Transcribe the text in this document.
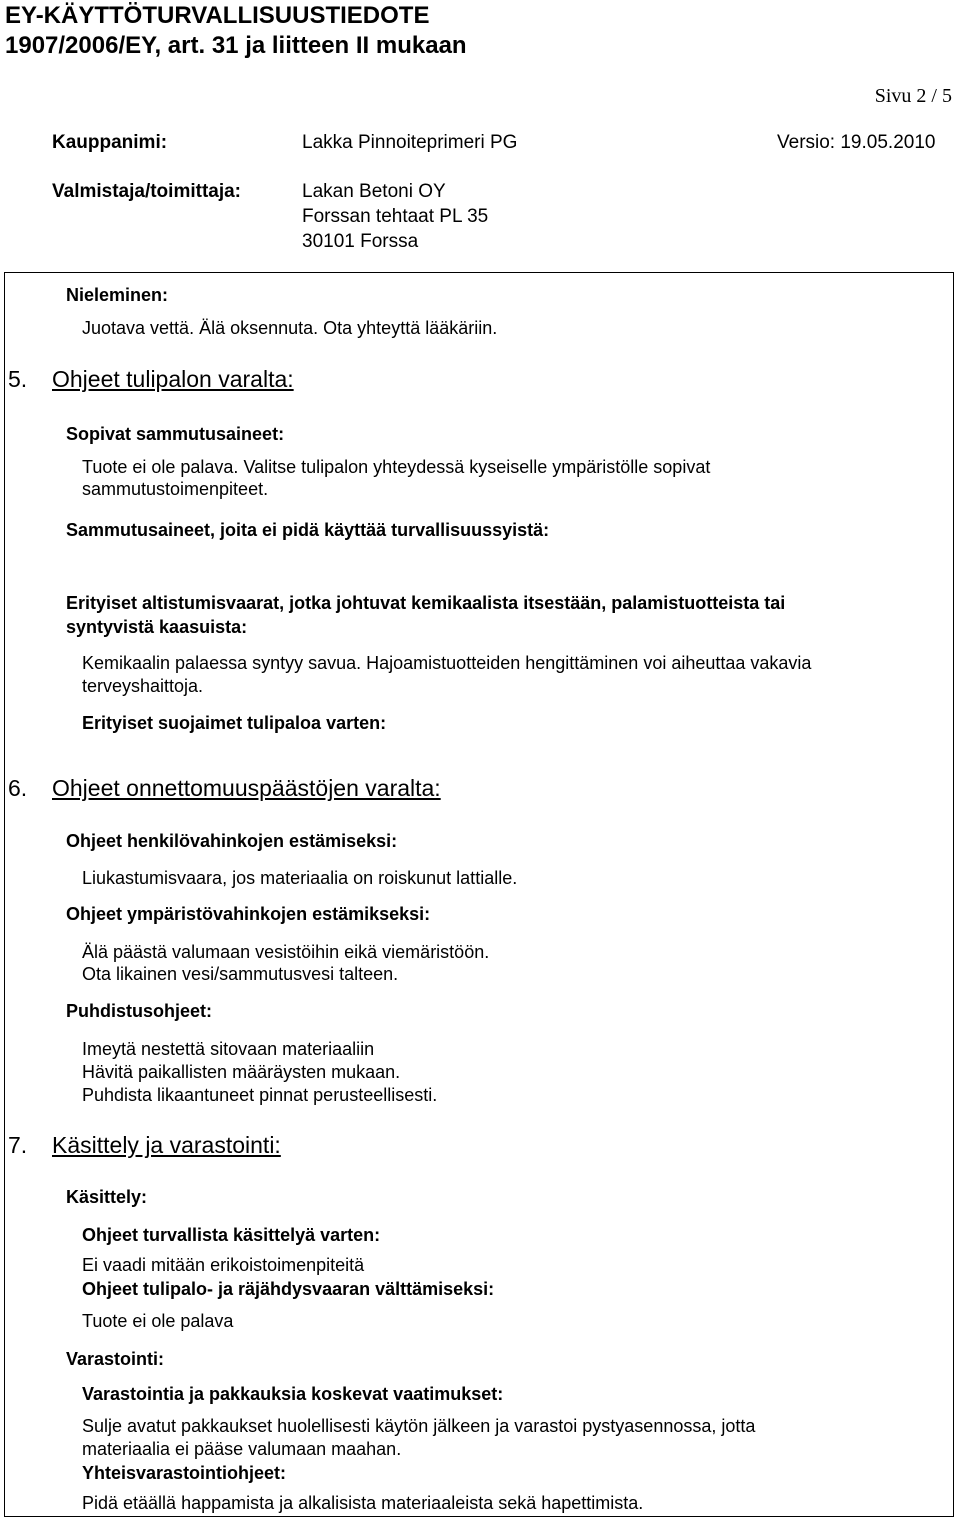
EY-KÄYTTÖTURVALLISUUSTIEDOTE
1907/2006/EY, art. 31 ja liitteen II mukaan
Sivu 2 / 5
Kauppanimi:	Lakka Pinnoiteprimeri PG	Versio: 19.05.2010
Valmistaja/toimittaja:	Lakan Betoni OY
Forssan tehtaat PL 35
30101 Forssa
Nieleminen:
Juotava vettä. Älä oksennuta. Ota yhteyttä lääkäriin.
5. Ohjeet tulipalon varalta:
Sopivat sammutusaineet:
Tuote ei ole palava. Valitse tulipalon yhteydessä kyseiselle ympäristölle sopivat
sammutustoimenpiteet.
Sammutusaineet, joita ei pidä käyttää turvallisuussyistä:
Erityiset altistumisvaarat, jotka johtuvat kemikaalista itsestään, palamistuotteista tai
syntyvistä kaasuista:
Kemikaalin palaessa syntyy savua. Hajoamistuotteiden hengittäminen voi aiheuttaa vakavia
terveyshaittoja.
Erityiset suojaimet tulipaloa varten:
6. Ohjeet onnettomuuspäästöjen varalta:
Ohjeet henkilövahinkojen estämiseksi:
Liukastumisvaara, jos materiaalia on roiskunut lattialle.
Ohjeet ympäristövahinkojen estämikseksi:
Älä päästä valumaan vesistöihin eikä viemäristöön.
Ota likainen vesi/sammutusvesi talteen.
Puhdistusohjeet:
Imeytä nestettä sitovaan materiaaliin
Hävitä paikallisten määräysten mukaan.
Puhdista likaantuneet pinnat perusteellisesti.
7. Käsittely ja varastointi:
Käsittely:
Ohjeet turvallista käsittelyä varten:
Ei vaadi mitään erikoistoimenpiteitä
Ohjeet tulipalo- ja räjähdysvaaran välttämiseksi:
Tuote ei ole palava
Varastointi:
Varastointia ja pakkauksia koskevat vaatimukset:
Sulje avatut pakkaukset huolellisesti käytön jälkeen ja varastoi pystyasennossa, jotta
materiaalia ei pääse valumaan maahan.
Yhteisvarastointiohjeet:
Pidä etäällä happamista ja alkalisista materiaaleista sekä hapettimista.
